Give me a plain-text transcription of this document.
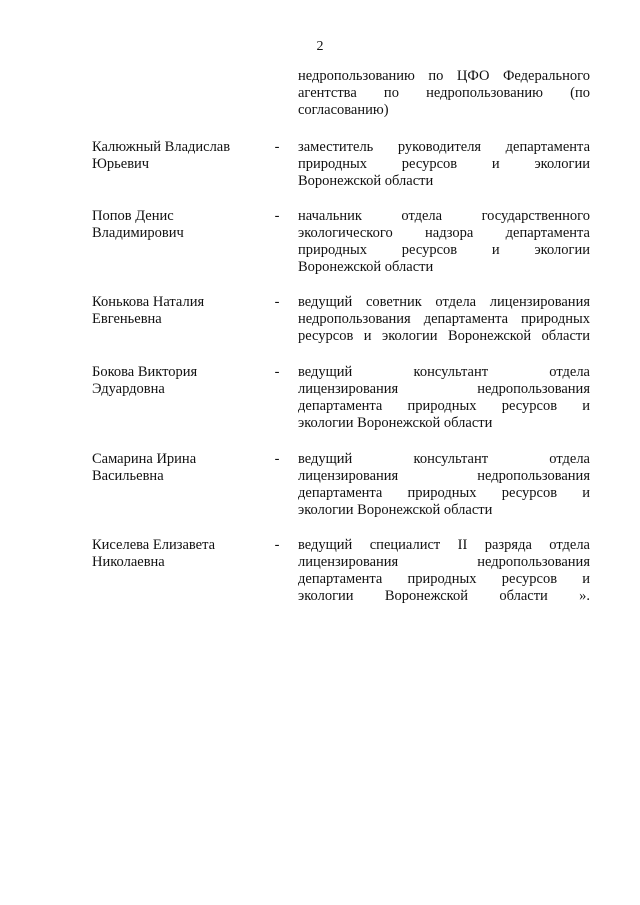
2
недропользованию по ЦФО Федерального
агентства по недропользованию (по
согласованию)
Калюжный Владислав
Юрьевич
- заместитель руководителя департамента
природных ресурсов и экологии
Воронежской области
Попов Денис
Владимирович
- начальник отдела государственного
экологического надзора департамента
природных ресурсов и экологии
Воронежской области
Конькова Наталия
Евгеньевна
- ведущий советник отдела лицензирования
недропользования департамента природных
ресурсов и экологии Воронежской области
Бокова Виктория
Эдуардовна
- ведущий консультант отдела
лицензирования недропользования
департамента природных ресурсов и
экологии Воронежской области
Самарина Ирина
Васильевна
- ведущий консультант отдела
лицензирования недропользования
департамента природных ресурсов и
экологии Воронежской области
Киселева Елизавета
Николаевна
- ведущий специалист II разряда отдела
лицензирования недропользования
департамента природных ресурсов и
экологии Воронежской области ».
